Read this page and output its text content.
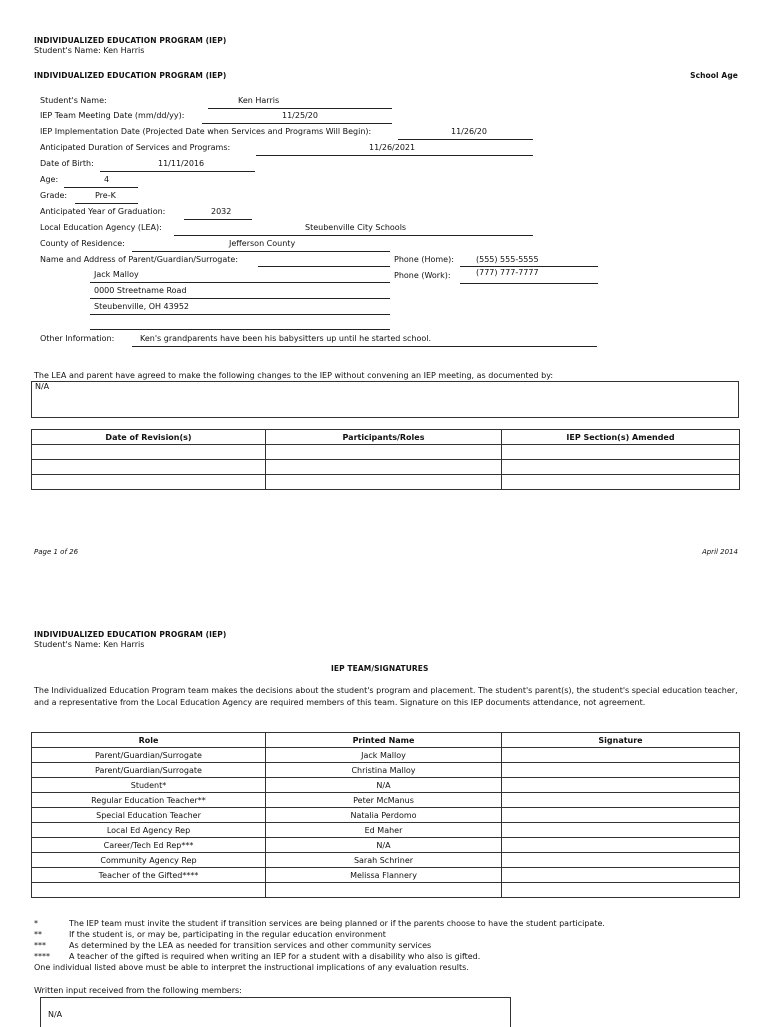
INDIVIDUALIZED EDUCATION PROGRAM (IEP)
Student's Name: Ken Harris
INDIVIDUALIZED EDUCATION PROGRAM (IEP)	School Age
Student's Name:	Ken Harris
IEP Team Meeting Date (mm/dd/yy):	11/25/20
IEP Implementation Date (Projected Date when Services and Programs Will Begin):	11/26/20
Anticipated Duration of Services and Programs:	11/26/2021
Date of Birth:	11/11/2016
Age:	4
Grade:	Pre-K
Anticipated Year of Graduation:	2032
Local Education Agency (LEA):	Steubenville City Schools
County of Residence:	Jefferson County
Name and Address of Parent/Guardian/Surrogate:
Jack Malloy
0000 Streetname Road
Steubenville, OH 43952
Phone (Home):	(555) 555-5555
Phone (Work):	(777) 777-7777
Other Information:	Ken's grandparents have been his babysitters up until he started school.
The LEA and parent have agreed to make the following changes to the IEP without convening an IEP meeting, as documented by:
N/A
Date of Revision(s)	Participants/Roles	IEP Section(s) Amended

Page 1 of 26	April 2014
INDIVIDUALIZED EDUCATION PROGRAM (IEP)
Student's Name: Ken Harris
IEP TEAM/SIGNATURES
The Individualized Education Program team makes the decisions about the student's program and placement. The student's parent(s), the student's special education teacher, and a representative from the Local Education Agency are required members of this team. Signature on this IEP documents attendance, not agreement.
Role	Printed Name	Signature
Parent/Guardian/Surrogate	Jack Malloy	
Parent/Guardian/Surrogate	Christina Malloy	
Student*	N/A	
Regular Education Teacher**	Peter McManus	
Special Education Teacher	Natalia Perdomo	
Local Ed Agency Rep	Ed Maher	
Career/Tech Ed Rep***	N/A	
Community Agency Rep	Sarah Schriner	
Teacher of the Gifted****	Melissa Flannery	

*	The IEP team must invite the student if transition services are being planned or if the parents choose to have the student participate.
**	If the student is, or may be, participating in the regular education environment
***	As determined by the LEA as needed for transition services and other community services
**** A teacher of the gifted is required when writing an IEP for a student with a disability who also is gifted.
One individual listed above must be able to interpret the instructional implications of any evaluation results.
Written input received from the following members:
N/A
